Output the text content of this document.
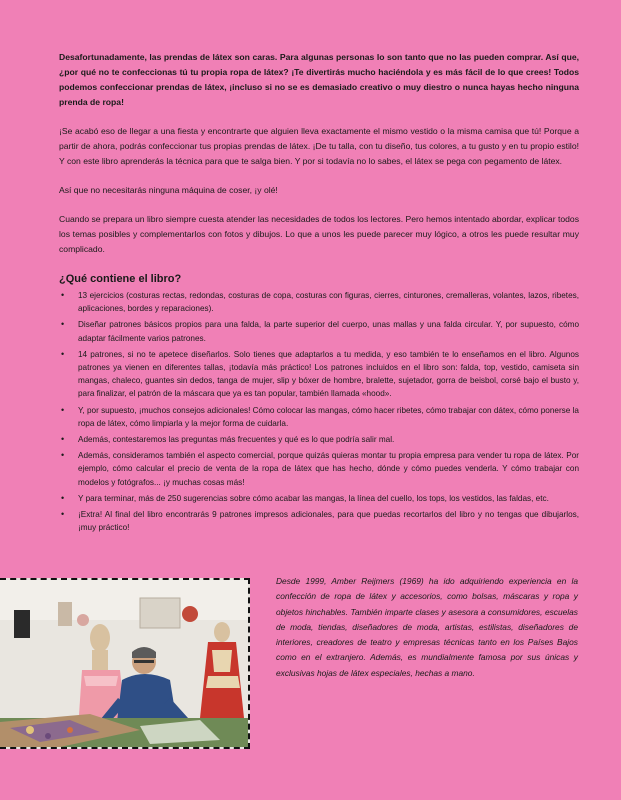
Desafortunadamente, las prendas de látex son caras. Para algunas personas lo son tanto que no las pueden comprar. Así que, ¿por qué no te confeccionas tú tu propia ropa de látex? ¡Te divertirás mucho haciéndola y es más fácil de lo que crees! Todos podemos confeccionar prendas de látex, ¡incluso si no se es demasiado creativo o muy diestro o nunca hayas hecho ninguna prenda de ropa!

¡Se acabó eso de llegar a una fiesta y encontrarte que alguien lleva exactamente el mismo vestido o la misma camisa que tú! Porque a partir de ahora, podrás confeccionar tus propias prendas de látex. ¡De tu talla, con tu diseño, tus colores, a tu gusto y en tu propio estilo! Y con este libro aprenderás la técnica para que te salga bien. Y por si todavía no lo sabes, el látex se pega con pegamento de látex.

Así que no necesitarás ninguna máquina de coser, ¡y olé!

Cuando se prepara un libro siempre cuesta atender las necesidades de todos los lectores. Pero hemos intentado abordar, explicar todos los temas posibles y complementarlos con fotos y dibujos. Lo que a unos les puede parecer muy lógico, a otros les puede resultar muy complicado.

¿Qué contiene el libro?
• 13 ejercicios (costuras rectas, redondas, costuras de copa, costuras con figuras, cierres, cinturones, cremalleras, volantes, lazos, ribetes, aplicaciones, bordes y reparaciones).
• Diseñar patrones básicos propios para una falda, la parte superior del cuerpo, unas mallas y una falda circular. Y, por supuesto, cómo adaptar fácilmente varios patrones.
• 14 patrones, si no te apetece diseñarlos. Solo tienes que adaptarlos a tu medida, y eso también te lo enseñamos en el libro. Algunos patrones ya vienen en diferentes tallas, ¡todavía más práctico! Los patrones incluidos en el libro son: falda, top, vestido, camiseta sin mangas, chaleco, guantes sin dedos, tanga de mujer, slip y bóxer de hombre, bralette, sujetador, gorra de beisbol, corsé bajo el busto y, para finalizar, el patrón de la máscara que ya es tan popular, también llamada «hood».
• Y, por supuesto, ¡muchos consejos adicionales! Cómo colocar las mangas, cómo hacer ribetes, cómo trabajar con dátex, cómo ponerse la ropa de látex, cómo limpiarla y la mejor forma de cuidarla.
• Además, contestaremos las preguntas más frecuentes y qué es lo que podría salir mal.
• Además, consideramos también el aspecto comercial, porque quizás quieras montar tu propia empresa para vender tu ropa de látex. Por ejemplo, cómo calcular el precio de venta de la ropa de látex que has hecho, dónde y cómo puedes venderla. Y cómo trabajar con modelos y fotógrafos... ¡y muchas cosas más!
• Y para terminar, más de 250 sugerencias sobre cómo acabar las mangas, la línea del cuello, los tops, los vestidos, las faldas, etc.
• ¡Extra! Al final del libro encontrarás 9 patrones impresos adicionales, para que puedas recortarlos del libro y no tengas que dibujarlos, ¡muy práctico!

Desde 1999, Amber Reijmers (1969) ha ido adquiriendo experiencia en la confección de ropa de látex y accesorios, como bolsas, máscaras y ropa y objetos hinchables. También imparte clases y asesora a consumidores, escuelas de moda, tiendas, diseñadores de moda, artistas, estilistas, diseñadores de interiores, creadores de teatro y empresas técnicas tanto en los Países Bajos como en el extranjero. Además, es mundialmente famosa por sus únicas y exclusivas hojas de látex especiales, hechas a mano.
